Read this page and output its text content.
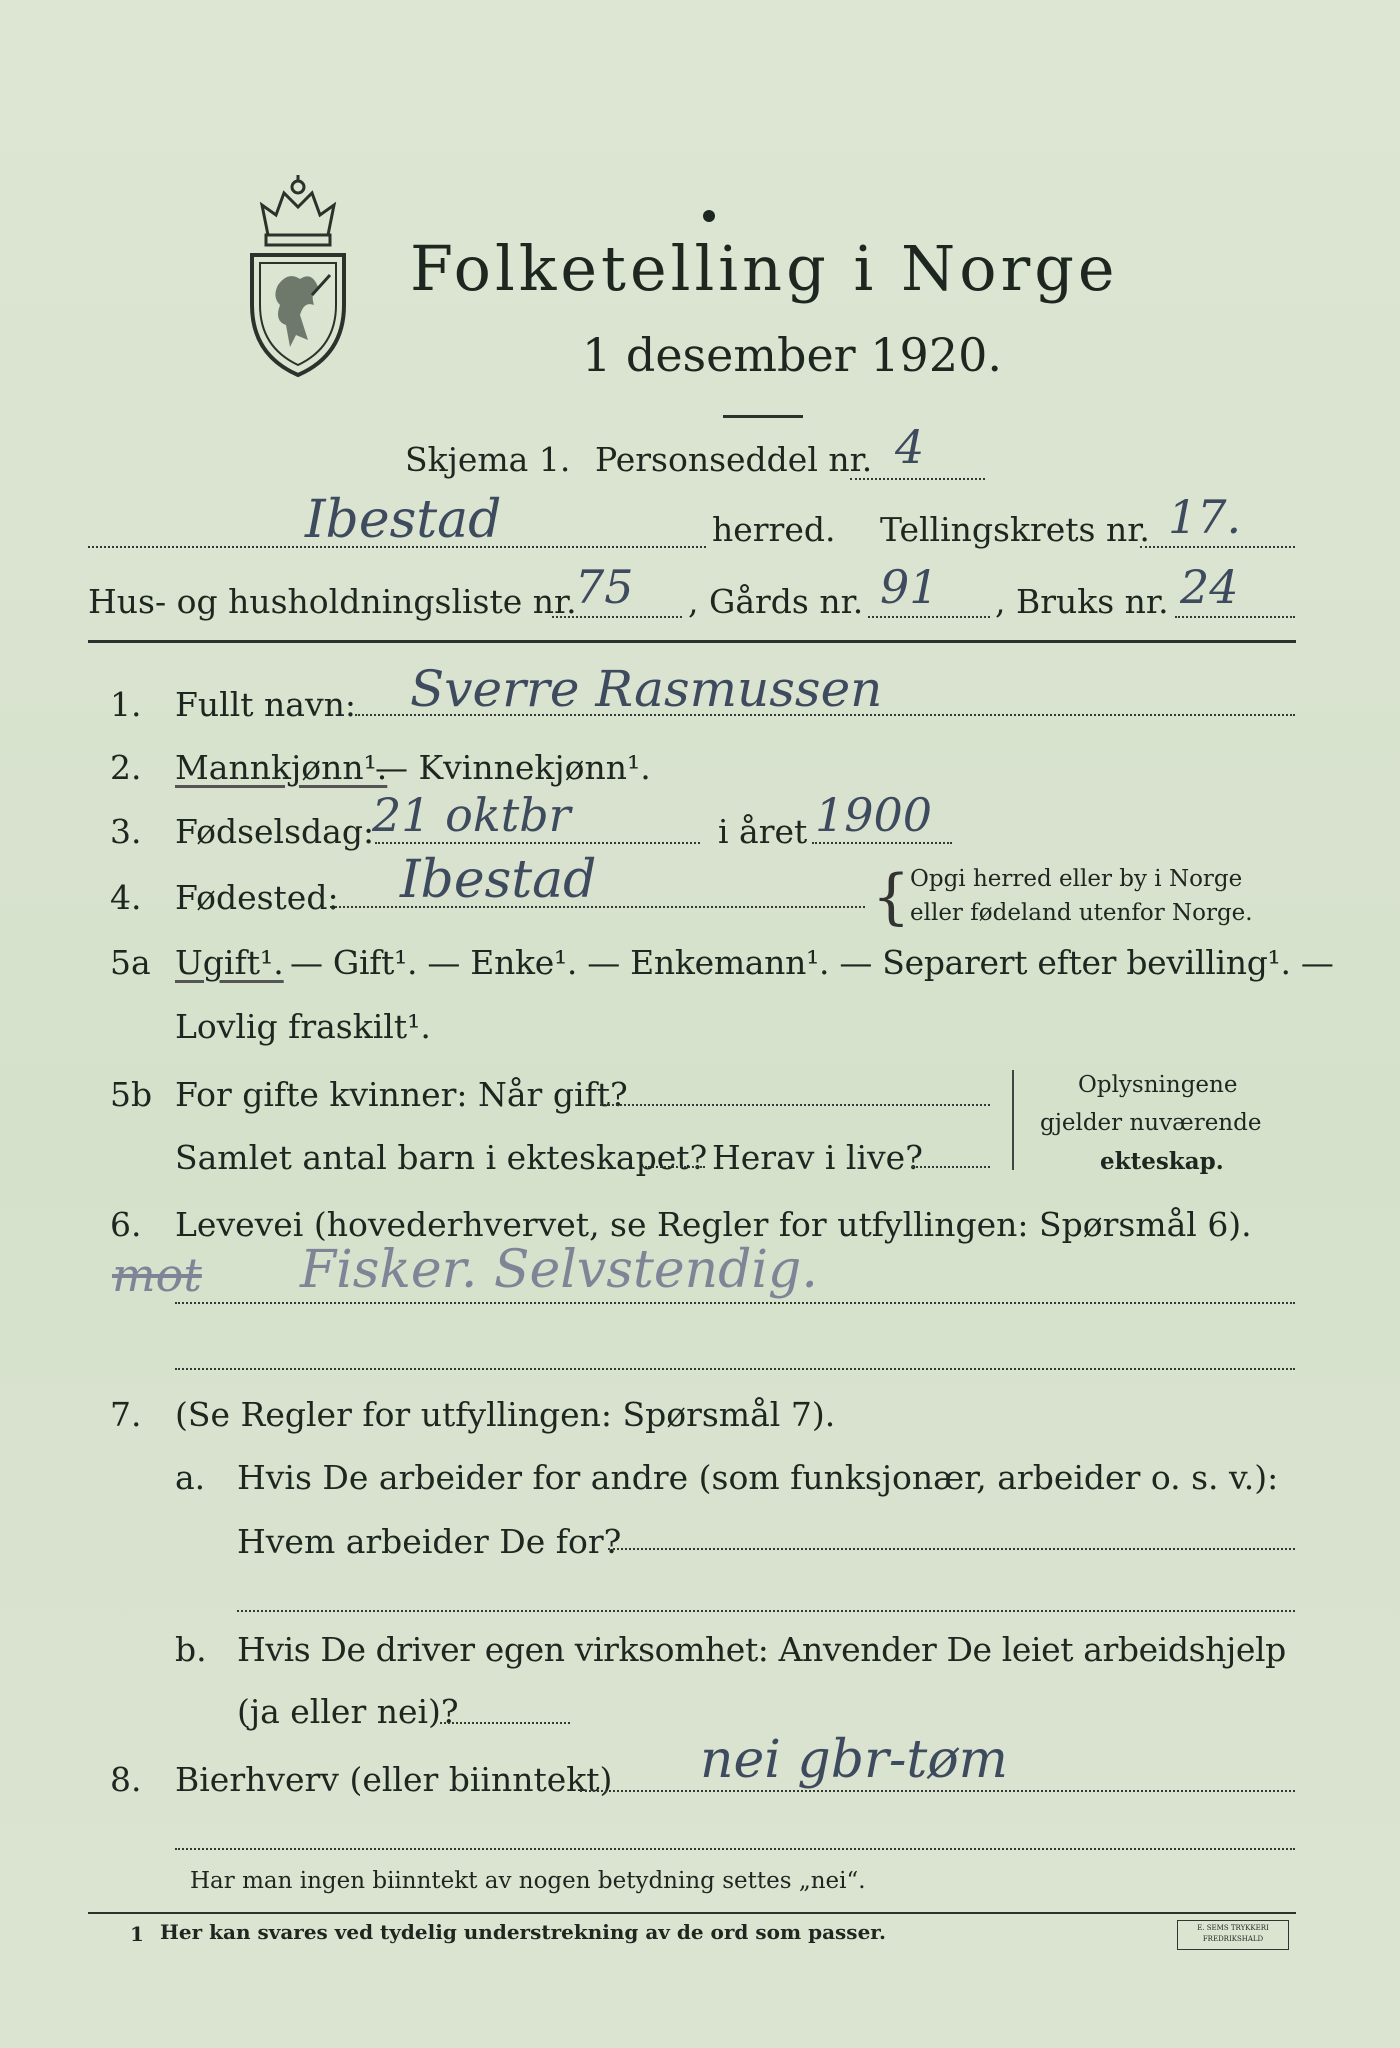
Folketelling i Norge
1 desember 1920.
Skjema 1. Personseddel nr. 4
Ibestad	herred. Tellingskrets nr. 17.
Hus- og husholdningsliste nr.
75 , Gårds nr. 91 , Bruks nr. 24
1. Fullt navn: Sverre Rasmussen
2. Mannkjønn¹.
— Kvinnekjønn¹.
3. Fødselsdag:
21 oktbr	i året 1900
4. Fødested: Ibestad	{ Opgi herred eller by i Norge
eller fødeland utenfor Norge.
5a Ugift¹. — Gift¹. — Enke¹. — Enkemann¹. — Separert efter bevilling¹. —
Lovlig fraskilt¹.
5b For gifte kvinner: Når gift?
Samlet antal barn i ekteskapet? Herav i live?
Oplysningene
gjelder nuværende
ekteskap.
6. Levevei (hovederhvervet, se Regler for utfyllingen: Spørsmål 6).
mot Fisker. Selvstendig.
7. (Se Regler for utfyllingen: Spørsmål 7).
a. Hvis De arbeider for andre (som funksjonær, arbeider o. s. v.):
Hvem arbeider De for?
b. Hvis De driver egen virksomhet: Anvender De leiet arbeidshjelp
(ja eller nei)?
8. Bierhverv (eller biinntekt) nei gbr-tøm
Har man ingen biinntekt av nogen betydning settes „nei“.
1 Her kan svares ved tydelig understrekning av de ord som passer.	E. SEMS TRYKKERI
FREDRIKSHALD
